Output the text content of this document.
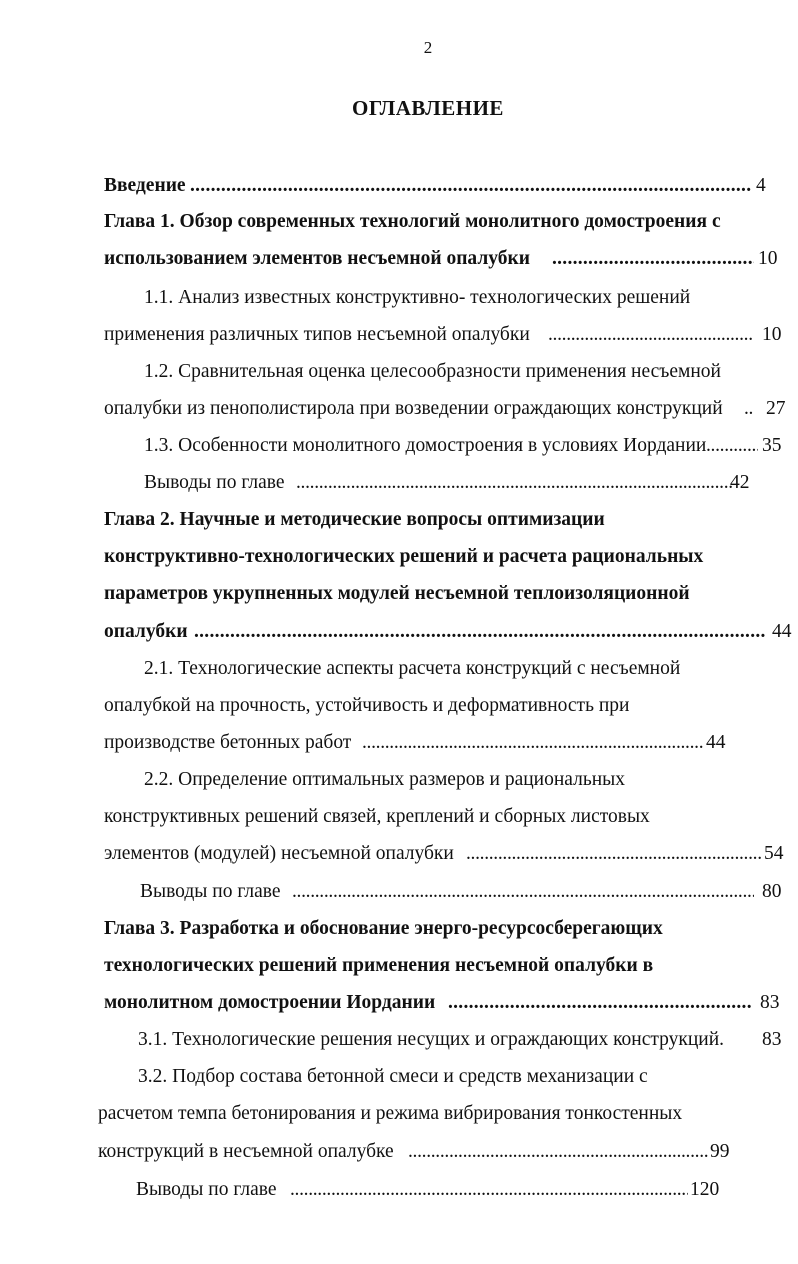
2
ОГЛАВЛЕНИЕ
Введение . . .	4
Глава 1. Обзор современных технологий монолитного домостроения с
использованием элементов несъемной опалубки . . .	10
1.1. Анализ известных конструктивно- технологических решений
применения различных типов несъемной опалубки . . .	10
1.2. Сравнительная оценка целесообразности применения несъемной
опалубки из пенополистирола при возведении ограждающих конструкций . . . 27
1.3. Особенности монолитного домостроения в условиях Иордании . . .	35
Выводы по главе . . .	42
Глава 2. Научные и методические вопросы оптимизации
конструктивно-технологических решений и расчета рациональных
параметров укрупненных модулей несъемной теплоизоляционной
опалубки . . .	44
2.1. Технологические аспекты расчета конструкций с несъемной
опалубкой на прочность, устойчивость и деформативность при
производстве бетонных работ . . .	44
2.2. Определение оптимальных размеров и рациональных
конструктивных решений связей, креплений и сборных листовых
элементов (модулей) несъемной опалубки . . .	54
Выводы по главе . . .	80
Глава 3. Разработка и обоснование энерго-ресурсосберегающих
технологических решений применения несъемной опалубки в
монолитном домостроении Иордании . . .	83
3.1. Технологические решения несущих и ограждающих конструкций. 83
3.2. Подбор состава бетонной смеси и средств механизации с
расчетом темпа бетонирования и режима вибрирования тонкостенных
конструкций в несъемной опалубке . . .	99
Выводы по главе . . .	120
